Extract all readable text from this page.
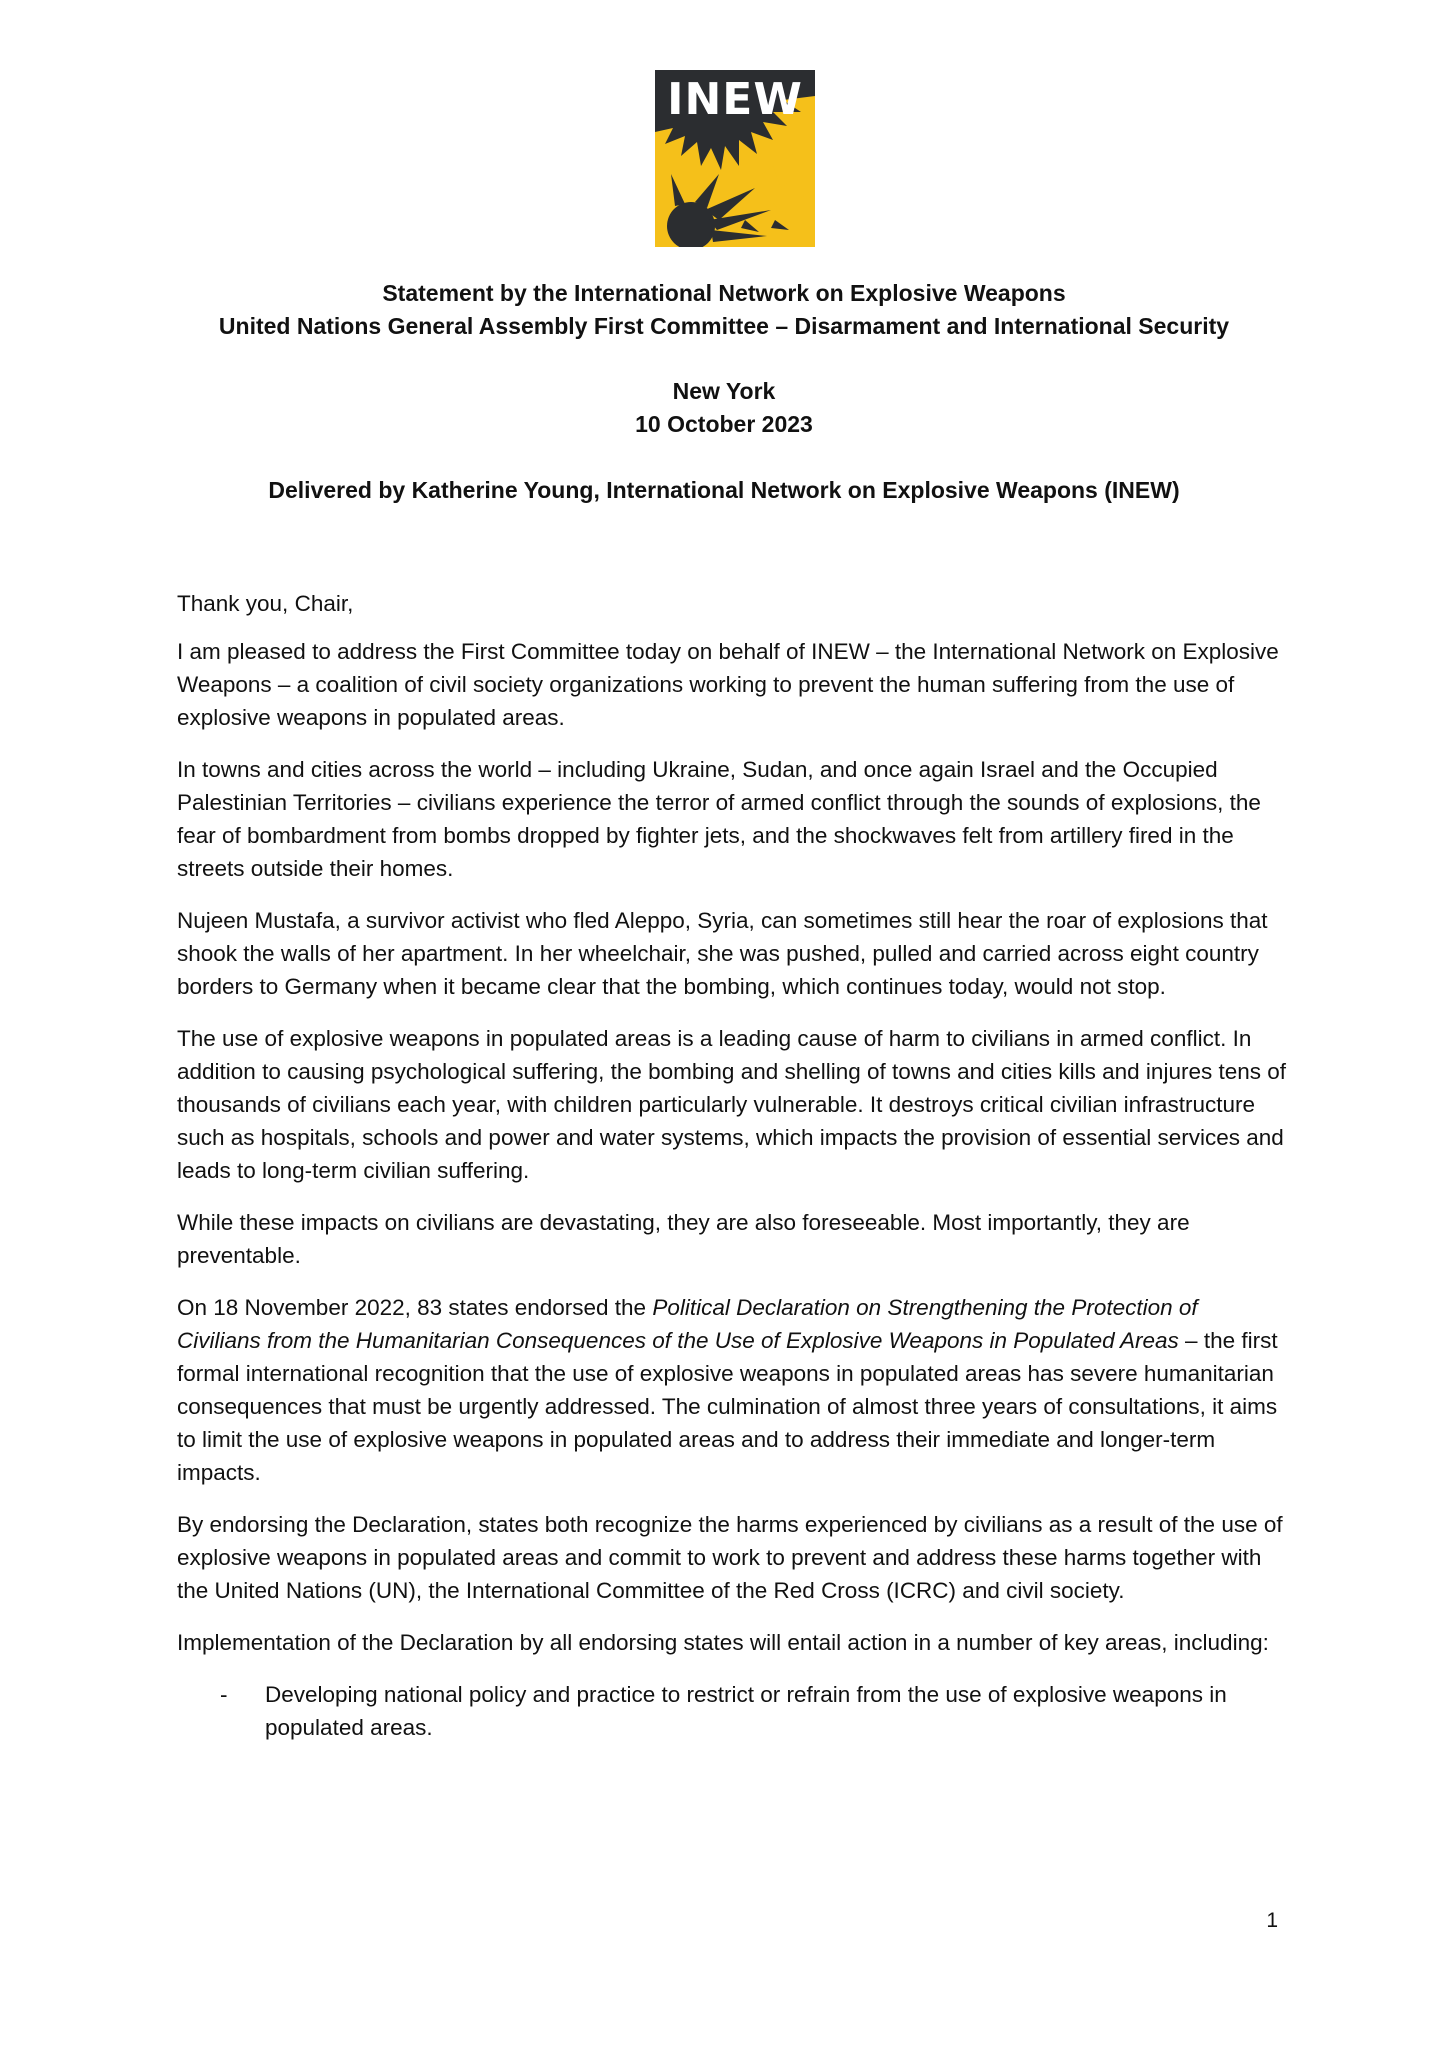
INEW

Statement by the International Network on Explosive Weapons

United Nations General Assembly First Committee – Disarmament and International Security

New York

10 October 2023

Delivered by Katherine Young, International Network on Explosive Weapons (INEW)

Thank you, Chair,

I am pleased to address the First Committee today on behalf of INEW – the International Network on Explosive Weapons – a coalition of civil society organizations working to prevent the human suffering from the use of explosive weapons in populated areas.

In towns and cities across the world – including Ukraine, Sudan, and once again Israel and the Occupied Palestinian Territories – civilians experience the terror of armed conflict through the sounds of explosions, the fear of bombardment from bombs dropped by fighter jets, and the shockwaves felt from artillery fired in the streets outside their homes.

Nujeen Mustafa, a survivor activist who fled Aleppo, Syria, can sometimes still hear the roar of explosions that shook the walls of her apartment. In her wheelchair, she was pushed, pulled and carried across eight country borders to Germany when it became clear that the bombing, which continues today, would not stop.

The use of explosive weapons in populated areas is a leading cause of harm to civilians in armed conflict. In addition to causing psychological suffering, the bombing and shelling of towns and cities kills and injures tens of thousands of civilians each year, with children particularly vulnerable. It destroys critical civilian infrastructure such as hospitals, schools and power and water systems, which impacts the provision of essential services and leads to long-term civilian suffering.

While these impacts on civilians are devastating, they are also foreseeable. Most importantly, they are preventable.

On 18 November 2022, 83 states endorsed the Political Declaration on Strengthening the Protection of Civilians from the Humanitarian Consequences of the Use of Explosive Weapons in Populated Areas – the first formal international recognition that the use of explosive weapons in populated areas has severe humanitarian consequences that must be urgently addressed. The culmination of almost three years of consultations, it aims to limit the use of explosive weapons in populated areas and to address their immediate and longer-term impacts.

By endorsing the Declaration, states both recognize the harms experienced by civilians as a result of the use of explosive weapons in populated areas and commit to work to prevent and address these harms together with the United Nations (UN), the International Committee of the Red Cross (ICRC) and civil society.

Implementation of the Declaration by all endorsing states will entail action in a number of key areas, including:

- Developing national policy and practice to restrict or refrain from the use of explosive weapons in populated areas.
1
